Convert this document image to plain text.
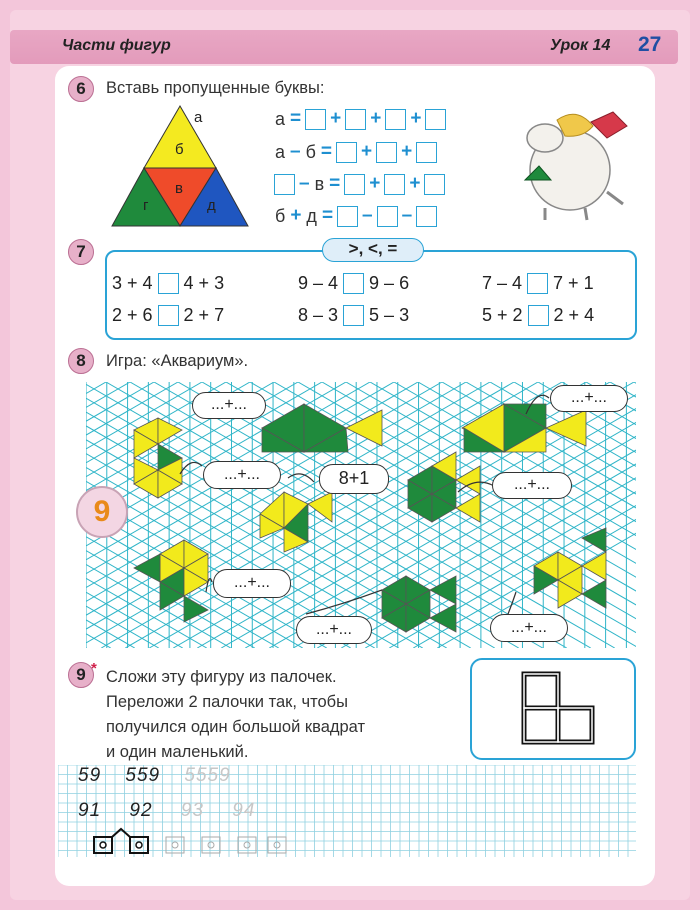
Части фигур	Урок 14 27
6	Вставь пропущенные буквы:
а
б
в
г	д
а = + + +
а – б = + +
– в = + +
б + д = – –
7	>, <, =
3 + 4 4 + 3	9 – 4 9 – 6	7 – 4 7 + 1
2 + 6 2 + 7	8 – 3 5 – 3	5 + 2 2 + 4
8	Игра: «Аквариум».
9
...+...	...+...
...+...	8+1	...+...
...+...
...+...	...+...
9 * Сложи эту фигуру из палочек.
Переложи 2 палочки так, чтобы
получился один большой квадрат
и один маленький.
59 559 5559
91 92 93 94
